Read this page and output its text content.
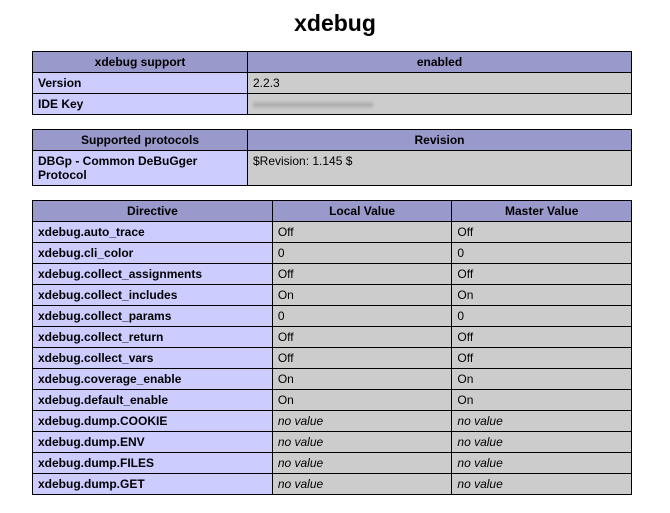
xdebug
xdebug support	enabled
Version	2.2.3
IDE Key	
Supported protocols	Revision
DBGp - Common DeBuGger Protocol	$Revision: 1.145 $
Directive	Local Value	Master Value
xdebug.auto_trace	Off	Off
xdebug.cli_color	0	0
xdebug.collect_assignments	Off	Off
xdebug.collect_includes	On	On
xdebug.collect_params	0	0
xdebug.collect_return	Off	Off
xdebug.collect_vars	Off	Off
xdebug.coverage_enable	On	On
xdebug.default_enable	On	On
xdebug.dump.COOKIE	no value	no value
xdebug.dump.ENV	no value	no value
xdebug.dump.FILES	no value	no value
xdebug.dump.GET	no value	no value
